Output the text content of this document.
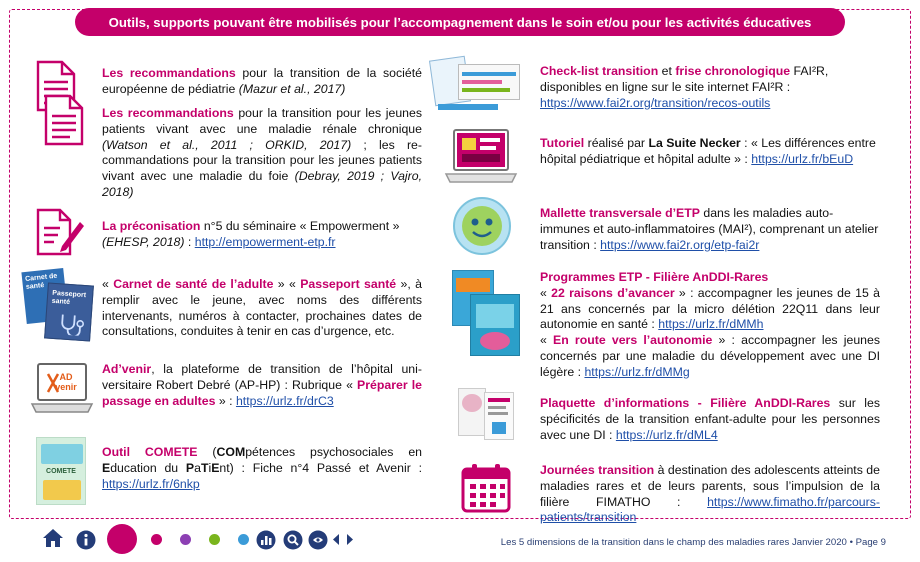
Outils, supports pouvant être mobilisés pour l’accompagnement dans le soin et/ou pour les activités éducatives

Les recommandations pour la transition de la société européenne de pédiatrie (Mazur et al., 2017)

Les recommandations pour la transition pour les jeunes patients vivant avec une maladie rénale chronique (Watson et al., 2011 ; ORKID, 2017) ; les recommandations pour la transition pour les jeunes patients vivant avec une maladie du foie (Debray, 2019 ; Vajro, 2018)

La préconisation n°5 du séminaire « Empowerment »
(EHESP, 2018) : http://empowerment-etp.fr

Carnet de santé
Passeport santé

« Carnet de santé de l’adulte » « Passeport santé », à remplir avec le jeune, avec noms des différents intervenants, numéros à contacter, prochaines dates de consultations, conduites à tenir en cas d’urgence, etc.

AD venir

Ad’venir, la plateforme de transition de l’hôpital universitaire Robert Debré (AP-HP) : Rubrique « Préparer le passage en adultes » : https://urlz.fr/drC3

COMETE

Outil COMETE (COMpétences psychosociales en Education du PaTiEnt) : Fiche n°4 Passé et Avenir : https://urlz.fr/6nkp

Check-list transition et frise chronologique FAI²R, disponibles en ligne sur le site internet FAI²R : https://www.fai2r.org/transition/recos-outils

Tutoriel réalisé par La Suite Necker : « Les différences entre hôpital pédiatrique et hôpital adulte » : https://urlz.fr/bEuD

Mallette transversale d’ETP dans les maladies auto-immunes et auto-inflammatoires (MAI²), comprenant un atelier transition : https://www.fai2r.org/etp-fai2r

Programmes ETP - Filière AnDDI-Rares

« 22 raisons d’avancer » : accompagner les jeunes de 15 à 21 ans concernés par la micro délétion 22Q11 dans leur autonomie en santé : https://urlz.fr/dMMh

« En route vers l’autonomie » : accompagner les jeunes concernés par une maladie du développement avec une DI légère : https://urlz.fr/dMMg

Plaquette d’informations - Filière AnDDI-Rares sur les spécificités de la transition enfant-adulte pour les personnes avec une DI : https://urlz.fr/dML4

Journées transition à destination des adolescents atteints de maladies rares et de leurs parents, sous l’impulsion de la filière FIMATHO : https://www.fimatho.fr/parcours-patients/transition

Les 5 dimensions de la transition dans le champ des maladies rares Janvier 2020 • Page 9
